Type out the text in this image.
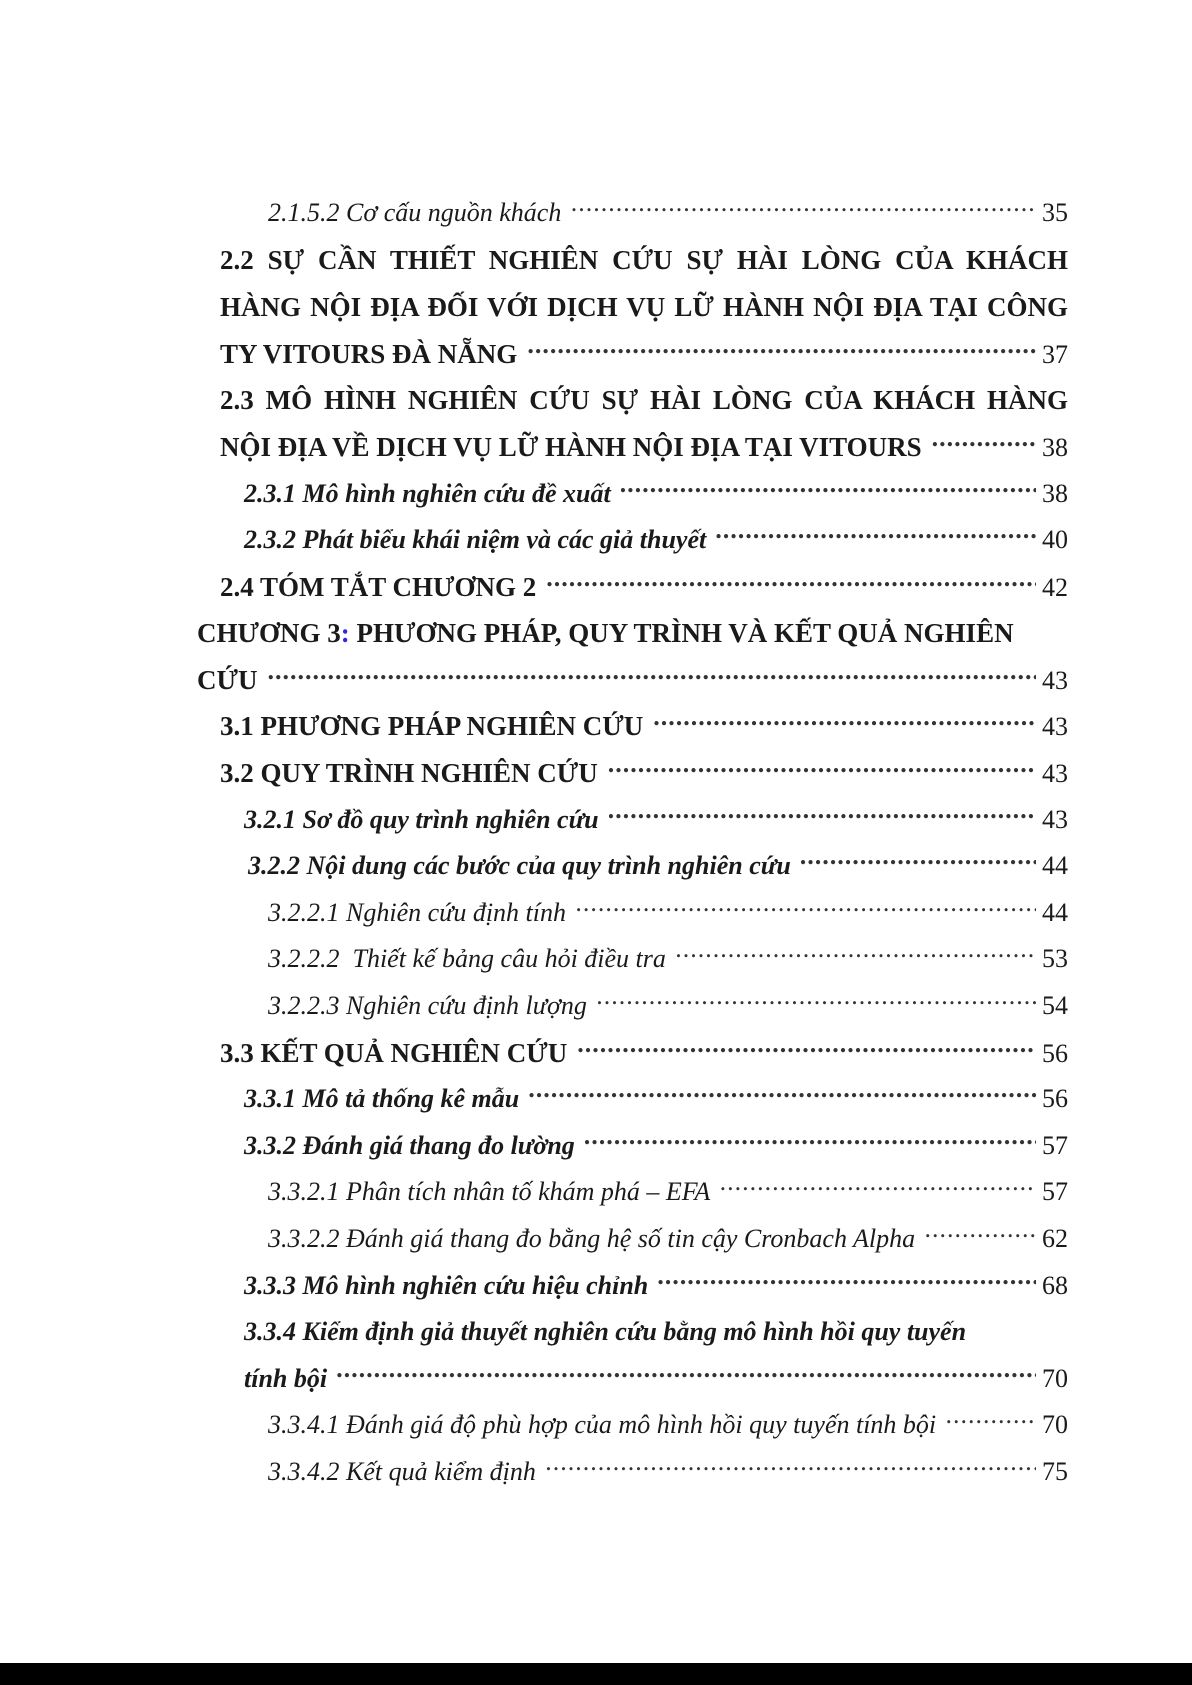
2.1.5.2 Cơ cấu nguồn khách .....	35
2.2 SỰ CẦN THIẾT NGHIÊN CỨU SỰ HÀI LÒNG CỦA KHÁCH
HÀNG NỘI ĐỊA ĐỐI VỚI DỊCH VỤ LỮ HÀNH NỘI ĐỊA TẠI CÔNG
TY VITOURS ĐÀ NẴNG .....	37
2.3 MÔ HÌNH NGHIÊN CỨU SỰ HÀI LÒNG CỦA KHÁCH HÀNG
NỘI ĐỊA VỀ DỊCH VỤ LỮ HÀNH NỘI ĐỊA TẠI VITOURS .....	38
2.3.1 Mô hình nghiên cứu đề xuất .....	38
2.3.2 Phát biểu khái niệm và các giả thuyết .....	40
2.4 TÓM TẮT CHƯƠNG 2 .....	42
CHƯƠNG 3: PHƯƠNG PHÁP, QUY TRÌNH VÀ KẾT QUẢ NGHIÊN
CỨU .....	43
3.1 PHƯƠNG PHÁP NGHIÊN CỨU .....	43
3.2 QUY TRÌNH NGHIÊN CỨU .....	43
3.2.1 Sơ đồ quy trình nghiên cứu .....	43
3.2.2 Nội dung các bước của quy trình nghiên cứu .....	44
3.2.2.1 Nghiên cứu định tính .....	44
3.2.2.2  Thiết kế bảng câu hỏi điều tra .....	53
3.2.2.3 Nghiên cứu định lượng .....	54
3.3 KẾT QUẢ NGHIÊN CỨU .....	56
3.3.1 Mô tả thống kê mẫu .....	56
3.3.2 Đánh giá thang đo lường .....	57
3.3.2.1 Phân tích nhân tố khám phá – EFA .....	57
3.3.2.2 Đánh giá thang đo bằng hệ số tin cậy Cronbach Alpha .....	62
3.3.3 Mô hình nghiên cứu hiệu chỉnh .....	68
3.3.4 Kiểm định giả thuyết nghiên cứu bằng mô hình hồi quy tuyến
tính bội .....	70
3.3.4.1 Đánh giá độ phù hợp của mô hình hồi quy tuyến tính bội .....	70
3.3.4.2 Kết quả kiểm định .....	75
